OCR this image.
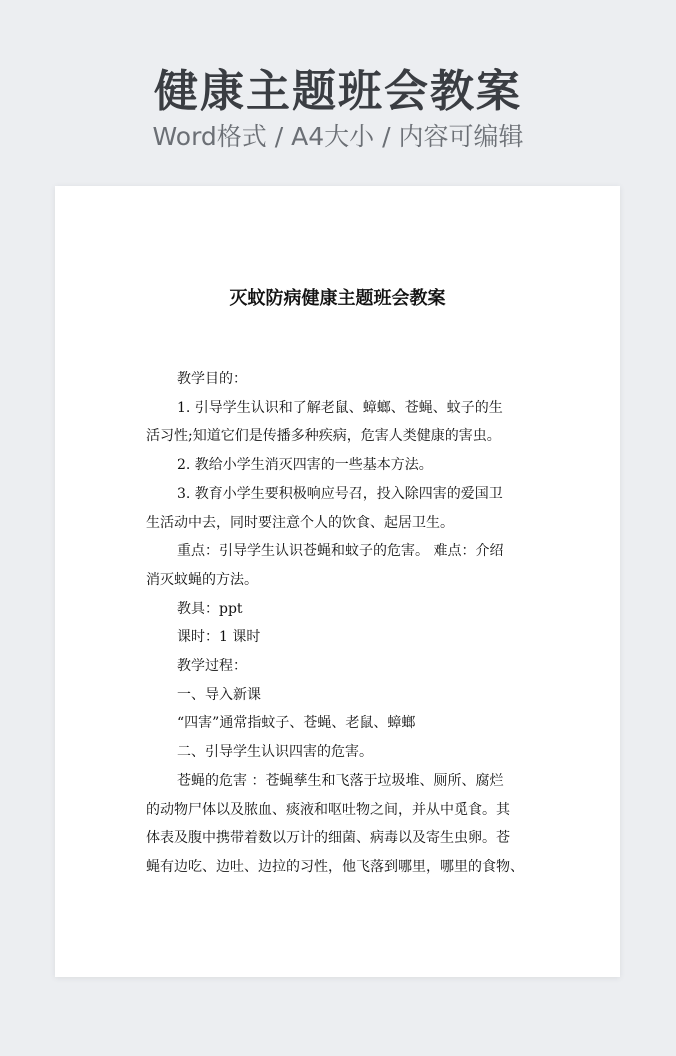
健康主题班会教案
Word格式 / A4大小 / 内容可编辑
灭蚊防病健康主题班会教案

教学目的：

1. 引导学生认识和了解老鼠、蟑螂、苍蝇、蚊子的生

活习性;知道它们是传播多种疾病，危害人类健康的害虫。

2. 教给小学生消灭四害的一些基本方法。

3. 教育小学生要积极响应号召，投入除四害的爱国卫

生活动中去，同时要注意个人的饮食、起居卫生。

重点：引导学生认识苍蝇和蚊子的危害。 难点：介绍

消灭蚊蝇的方法。

教具：ppt

课时：1 课时

教学过程：

一、导入新课

“四害”通常指蚊子、苍蝇、老鼠、蟑螂

二、引导学生认识四害的危害。

苍蝇的危害 ：苍蝇孳生和飞落于垃圾堆、厕所、腐烂

的动物尸体以及脓血、痰液和呕吐物之间，并从中觅食。其

体表及腹中携带着数以万计的细菌、病毒以及寄生虫卵。苍

蝇有边吃、边吐、边拉的习性，他飞落到哪里，哪里的食物、
